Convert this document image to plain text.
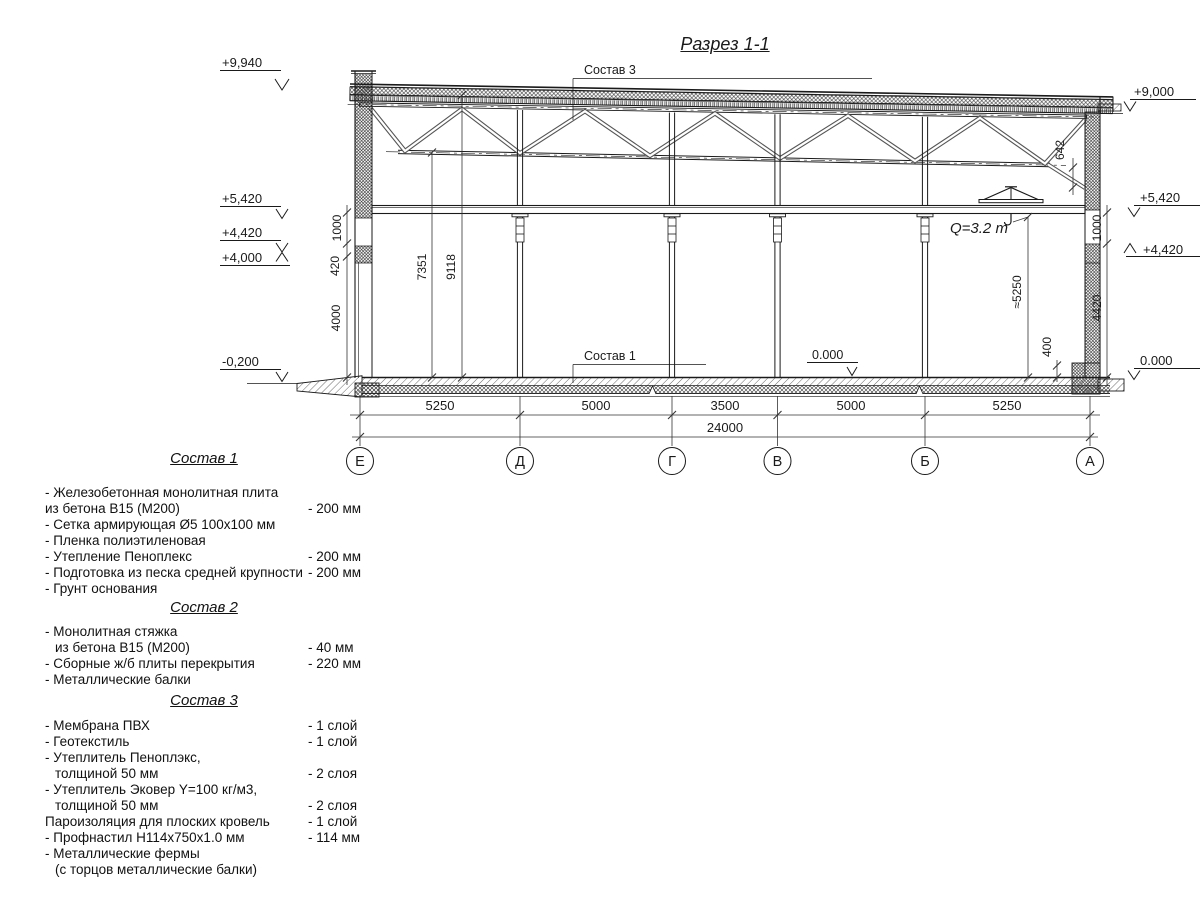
Разрез 1-1
Q=3.2 т
+9,940
+5,420
+4,420
+4,000
-0,200
+9,000
+5,420
+4,420
0.000
0.000
Состав 3
Состав 1
1000
420
4000
7351 9118
1000
4420
642
≈5250
400
5250	5000	3500	5000	5250
24000
Е	Д	Г	В	Б	А
Состав 1
- Железобетонная монолитная плита
из бетона В15 (М200)	- 200 мм
- Сетка армирующая Ø5 100х100 мм
- Пленка полиэтиленовая
- Утепление Пеноплекс	- 200 мм
- Подготовка из песка средней крупности - 200 мм
- Грунт основания
Состав 2
- Монолитная стяжка
из бетона В15 (М200)	- 40 мм
- Сборные ж/б плиты перекрытия	- 220 мм
- Металлические балки
Состав 3
- Мембрана ПВХ	- 1 слой
- Геотекстиль	- 1 слой
- Утеплитель Пеноплэкс,
толщиной 50 мм	- 2 слоя
- Утеплитель Эковер Y=100 кг/м3,
толщиной 50 мм	- 2 слоя
Пароизоляция для плоских кровель	- 1 слой
- Профнастил Н114х750х1.0 мм	- 114 мм
- Металлические фермы
(с торцов металлические балки)
